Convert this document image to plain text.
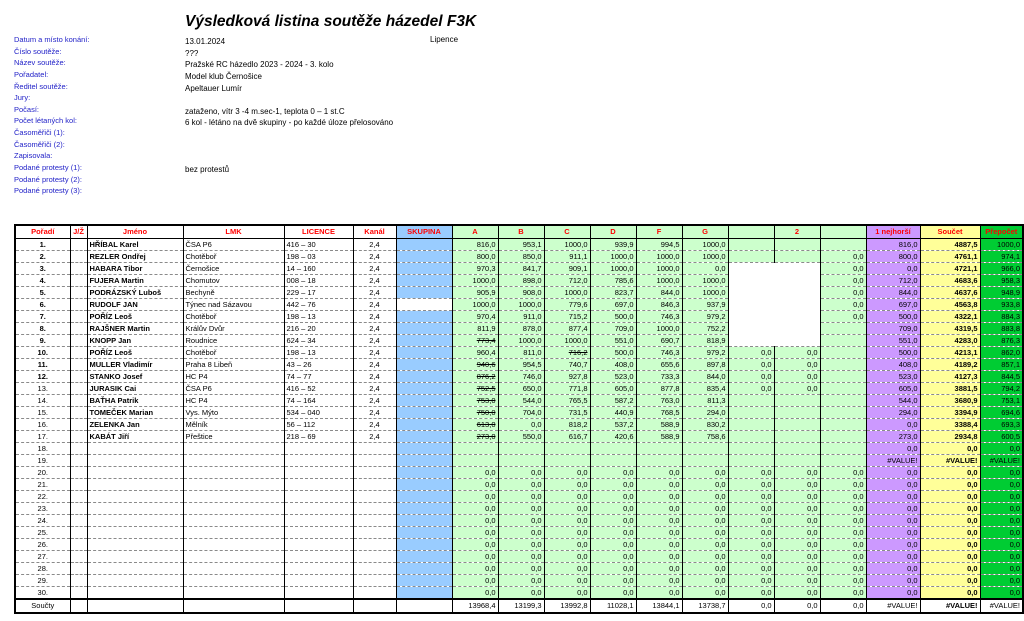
Výsledková listina soutěže házedel F3K
Datum a místo konání:	13.01.2024	Lipence
Číslo soutěže:	???
Název soutěže:	Pražské RC házedlo 2023 - 2024 - 3. kolo
Pořadatel:	Model klub Černošice
Ředitel soutěže:	Apeltauer Lumír
Jury:
Počasí:	zataženo, vítr 3 -4 m.sec-1, teplota 0 – 1 st.C
Počet létaných kol:	6 kol - létáno na dvě skupiny - po každé úloze přelosováno
Časoměřiči (1):
Časoměřiči (2):
Zapisovala:
Podané protesty (1):	bez protestů
Podané protesty (2):
Podané protesty (3):
Pořadí	J/Ž	Jméno	LMK	LICENCE	Kanál	SKUPINA	A	B	C	D	F	G		2		1 nejhorší	Součet	Přepočet
1.		HŘÍBAL Karel	ČSA P6	416 – 30	2,4		816,0	953,1	1000,0	939,9	994,5	1000,0				816,0	4887,5	1000,0
2.		REZLER Ondřej	Chotěboř	198 – 03	2,4		800,0	850,0	911,1	1000,0	1000,0	1000,0			0,0	800,0	4761,1	974,1
3.		HABARA Tibor	Černošice	14 – 160	2,4		970,3	841,7	909,1	1000,0	1000,0	0,0			0,0	0,0	4721,1	966,0
4.		FUJERA Martin	Chomutov	008 – 18	2,4		1000,0	898,0	712,0	785,6	1000,0	1000,0			0,0	712,0	4683,6	958,3
5.		PODRÁZSKÝ Luboš	Bechyně	229 – 17	2,4		905,9	908,0	1000,0	823,7	844,0	1000,0			0,0	844,0	4637,6	948,9
6.		RUDOLF JAN	Týnec nad Sázavou	442 – 76	2,4		1000,0	1000,0	779,6	697,0	846,3	937,9			0,0	697,0	4563,8	933,8
7.		POŘÍZ Leoš	Chotěboř	198 – 13	2,4		970,4	911,0	715,2	500,0	746,3	979,2			0,0	500,0	4322,1	884,3
8.		RAJŠNER Martin	Králův Dvůr	216 – 20	2,4		811,9	878,0	877,4	709,0	1000,0	752,2				709,0	4319,5	883,8
9.		KNOPP Jan	Roudnice	624 – 34	2,4		773,4	1000,0	1000,0	551,0	690,7	818,9				551,0	4283,0	876,3
10.		POŘÍZ Leoš	Chotěboř	198 – 13	2,4		960,4	811,0	716,2	500,0	746,3	979,2	0,0	0,0		500,0	4213,1	862,0
11.		MULLER Vladimír	Praha 8 Libeň	43 – 26	2,4		940,6	954,5	740,7	408,0	655,6	897,8	0,0	0,0		408,0	4189,2	857,1
12.		STANKO Josef	HC P4	74 – 77	2,4		876,2	746,0	927,8	523,0	733,3	844,0	0,0	0,0		523,0	4127,3	844,5
13.		JURASIK Cai	ČSA P6	416 – 52	2,4		752,5	650,0	771,8	605,0	877,8	835,4	0,0	0,0		605,0	3881,5	794,2
14.		BAŤHA Patrik	HC P4	74 – 164	2,4		753,0	544,0	765,5	587,2	763,0	811,3				544,0	3680,9	753,1
15.		TOMEČEK Marian	Vys. Mýto	534 – 040	2,4		750,0	704,0	731,5	440,9	768,5	294,0				294,0	3394,9	694,6
16.		ZELENKA Jan	Mělník	56 – 112	2,4		613,0	0,0	818,2	537,2	588,9	830,2				0,0	3388,4	693,3
17.		KABÁT Jiří	Přeštice	218 – 69	2,4		273,0	550,0	616,7	420,6	588,9	758,6				273,0	2934,8	600,5
18.																0,0	0,0	0,0
19.																#VALUE!	#VALUE!	#VALUE!
20.							0,0	0,0	0,0	0,0	0,0	0,0	0,0	0,0	0,0	0,0	0,0	0,0
21.							0,0	0,0	0,0	0,0	0,0	0,0	0,0	0,0	0,0	0,0	0,0	0,0
22.							0,0	0,0	0,0	0,0	0,0	0,0	0,0	0,0	0,0	0,0	0,0	0,0
23.							0,0	0,0	0,0	0,0	0,0	0,0	0,0	0,0	0,0	0,0	0,0	0,0
24.							0,0	0,0	0,0	0,0	0,0	0,0	0,0	0,0	0,0	0,0	0,0	0,0
25.							0,0	0,0	0,0	0,0	0,0	0,0	0,0	0,0	0,0	0,0	0,0	0,0
26.							0,0	0,0	0,0	0,0	0,0	0,0	0,0	0,0	0,0	0,0	0,0	0,0
27.							0,0	0,0	0,0	0,0	0,0	0,0	0,0	0,0	0,0	0,0	0,0	0,0
28.							0,0	0,0	0,0	0,0	0,0	0,0	0,0	0,0	0,0	0,0	0,0	0,0
29.							0,0	0,0	0,0	0,0	0,0	0,0	0,0	0,0	0,0	0,0	0,0	0,0
30.							0,0	0,0	0,0	0,0	0,0	0,0	0,0	0,0	0,0	0,0	0,0	0,0
Součty							13968,4	13199,3	13992,8	11028,1	13844,1	13738,7	0,0	0,0	0,0	#VALUE!	#VALUE!	#VALUE!
